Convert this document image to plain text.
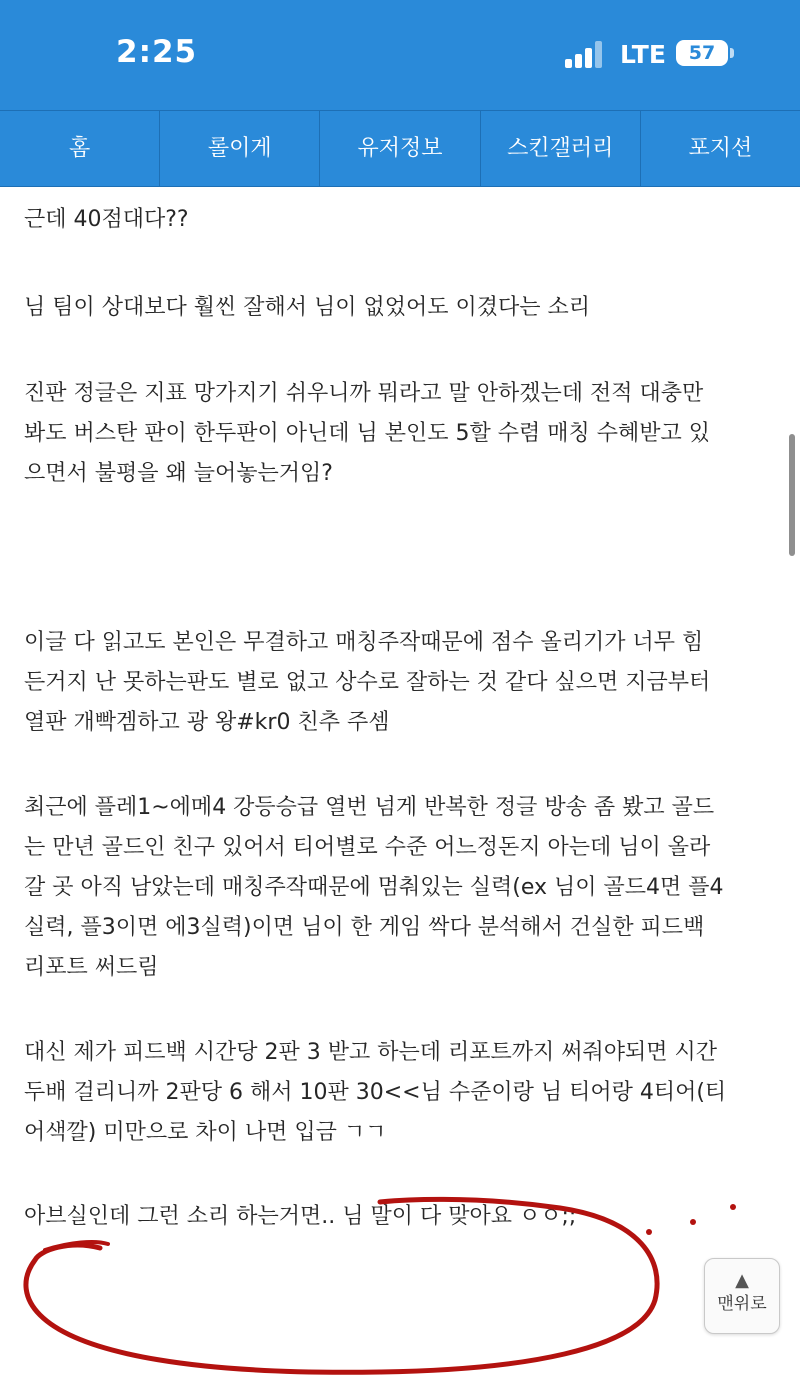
2:25	LTE	57
홈	롤이게	유저정보	스킨갤러리	포지션

근데 40점대다??

님 팀이 상대보다 훨씬 잘해서 님이 없었어도 이겼다는 소리

진판 정글은 지표 망가지기 쉬우니까 뭐라고 말 안하겠는데 전적 대충만
봐도 버스탄 판이 한두판이 아닌데 님 본인도 5할 수렴 매칭 수혜받고 있
으면서 불평을 왜 늘어놓는거임?

이글 다 읽고도 본인은 무결하고 매칭주작때문에 점수 올리기가 너무 힘
든거지 난 못하는판도 별로 없고 상수로 잘하는 것 같다 싶으면 지금부터
열판 개빡겜하고 광 왕#kr0 친추 주셈

최근에 플레1~에메4 강등승급 열번 넘게 반복한 정글 방송 좀 봤고 골드
는 만년 골드인 친구 있어서 티어별로 수준 어느정돈지 아는데 님이 올라
갈 곳 아직 남았는데 매칭주작때문에 멈춰있는 실력(ex 님이 골드4면 플4
실력, 플3이면 에3실력)이면 님이 한 게임 싹다 분석해서 건실한 피드백
리포트 써드림

대신 제가 피드백 시간당 2판 3 받고 하는데 리포트까지 써줘야되면 시간
두배 걸리니까 2판당 6 해서 10판 30<<님 수준이랑 님 티어랑 4티어(티
어색깔) 미만으로 차이 나면 입금 ㄱㄱ

아브실인데 그런 소리 하는거면.. 님 말이 다 맞아요 ㅇㅇ;;

▲
맨위로
